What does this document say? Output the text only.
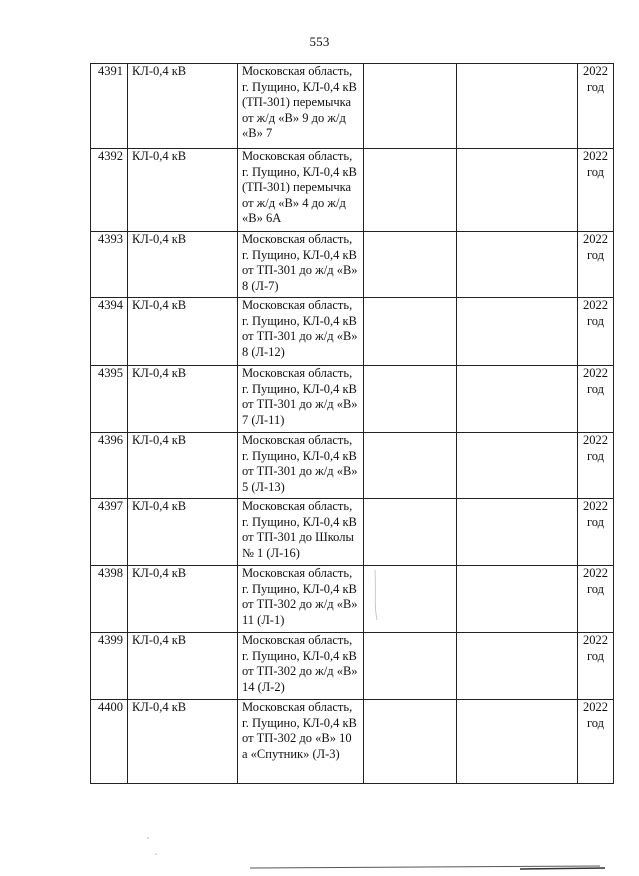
553
4391	КЛ-0,4 кВ	Московская область, г. Пущино, КЛ-0,4 кВ (ТП-301) перемычка от ж/д «В» 9 до ж/д «В» 7			2022 год
4392	КЛ-0,4 кВ	Московская область, г. Пущино, КЛ-0,4 кВ (ТП-301) перемычка от ж/д «В» 4 до ж/д «В» 6А			2022 год
4393	КЛ-0,4 кВ	Московская область, г. Пущино, КЛ-0,4 кВ от ТП-301 до ж/д «В» 8 (Л-7)			2022 год
4394	КЛ-0,4 кВ	Московская область, г. Пущино, КЛ-0,4 кВ от ТП-301 до ж/д «В» 8 (Л-12)			2022 год
4395	КЛ-0,4 кВ	Московская область, г. Пущино, КЛ-0,4 кВ от ТП-301 до ж/д «В» 7 (Л-11)			2022 год
4396	КЛ-0,4 кВ	Московская область, г. Пущино, КЛ-0,4 кВ от ТП-301 до ж/д «В» 5 (Л-13)			2022 год
4397	КЛ-0,4 кВ	Московская область, г. Пущино, КЛ-0,4 кВ от ТП-301 до Школы № 1 (Л-16)			2022 год
4398	КЛ-0,4 кВ	Московская область, г. Пущино, КЛ-0,4 кВ от ТП-302 до ж/д «В» 11 (Л-1)			2022 год
4399	КЛ-0,4 кВ	Московская область, г. Пущино, КЛ-0,4 кВ от ТП-302 до ж/д «В» 14 (Л-2)			2022 год
4400	КЛ-0,4 кВ	Московская область, г. Пущино, КЛ-0,4 кВ от ТП-302 до «В» 10 а «Спутник» (Л-3)			2022 год
